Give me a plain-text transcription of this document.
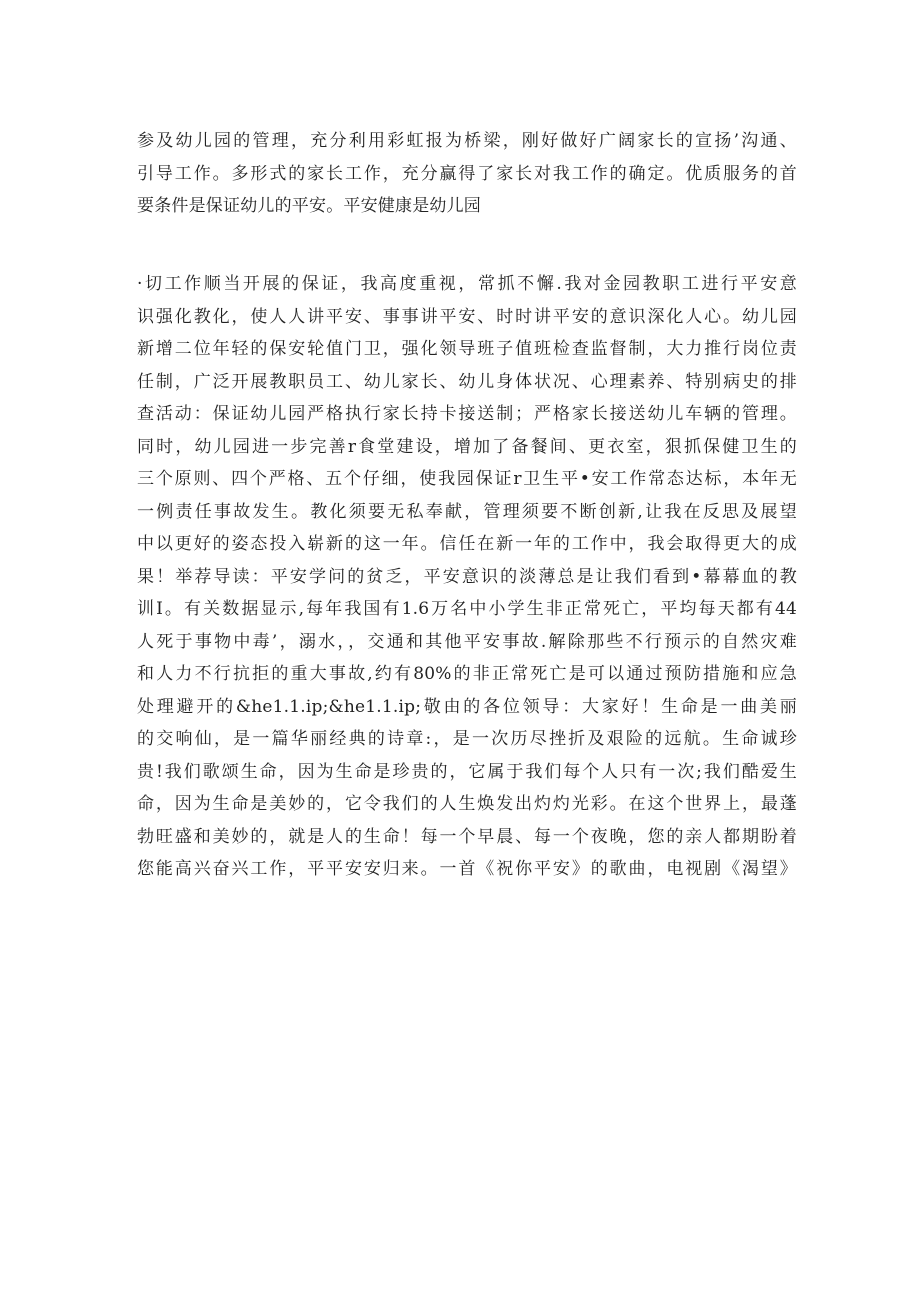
参及幼儿园的管理，充分利用彩虹报为桥梁，刚好做好广阔家长的宣扬’沟通、
引导工作。多形式的家长工作，充分赢得了家长对我工作的确定。优质服务的首
要条件是保证幼儿的平安。平安健康是幼儿园
·切工作顺当开展的保证，我高度重视，常抓不懈.我对金园教职工进行平安意
识强化教化，使人人讲平安、事事讲平安、时时讲平安的意识深化人心。幼儿园
新增二位年轻的保安轮值门卫，强化领导班子值班检查监督制，大力推行岗位责
任制，广泛开展教职员工、幼儿家长、幼儿身体状况、心理素养、特别病史的排
查活动：保证幼儿园严格执行家长持卡接送制；严格家长接送幼儿车辆的管理。
同时，幼儿园进一步完善r食堂建设，增加了备餐间、更衣室，狠抓保健卫生的
三个原则、四个严格、五个仔细，使我园保证r卫生平•安工作常态达标，本年无
一例责任事故发生。教化须要无私奉献，管理须要不断创新,让我在反思及展望
中以更好的姿态投入崭新的这一年。信任在新一年的工作中，我会取得更大的成
果！举荐导读：平安学问的贫乏，平安意识的淡薄总是让我们看到•幕幕血的教
训I。有关数据显示,每年我国有1.6万名中小学生非正常死亡，平均每天都有44
人死于事物中毒’，溺水，，交通和其他平安事故.解除那些不行预示的自然灾难
和人力不行抗拒的重大事故,约有80%的非正常死亡是可以通过预防措施和应急
处理避开的&he1.1.ip;&he1.1.ip;敬由的各位领导：大家好！生命是一曲美丽
的交响仙，是一篇华丽经典的诗章:，是一次历尽挫折及艰险的远航。生命诚珍
贵!我们歌颂生命，因为生命是珍贵的，它属于我们每个人只有一次;我们酷爱生
命，因为生命是美妙的，它令我们的人生焕发出灼灼光彩。在这个世界上，最蓬
勃旺盛和美妙的，就是人的生命！每一个早晨、每一个夜晚，您的亲人都期盼着
您能高兴奋兴工作，平平安安归来。一首《祝你平安》的歌曲，电视剧《渴望》
